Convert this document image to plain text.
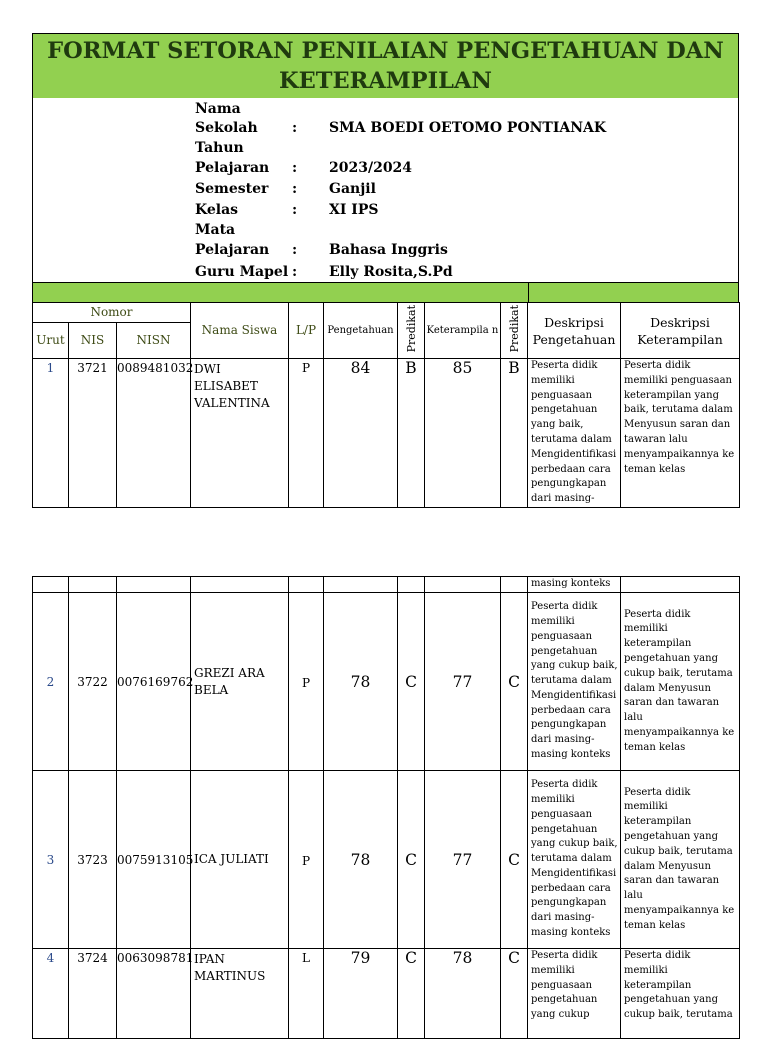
FORMAT SETORAN PENILAIAN PENGETAHUAN DAN KETERAMPILAN
Nama
Sekolah : SMA BOEDI OETOMO PONTIANAK
Tahun
Pelajaran : 2023/2024
Semester : Ganjil
Kelas	: XI IPS
Mata
Pelajaran : Bahasa Inggris
Guru Mapel : Elly Rosita,S.Pd
Nomor			Nama Siswa	L/P	Pengetahuan	Predikat	Keterampila n	Predikat	Deskripsi Pengetahuan	Deskripsi Keterampilan
Urut	NIS	NISN								
1	3721	0089481032	DWI ELISABET VALENTINA	P	84	B	85	B	Peserta didik memiliki penguasaan pengetahuan yang baik, terutama dalam Mengidentifikasi perbedaan cara pengungkapan dari masing-	Peserta didik memiliki penguasaan keterampilan yang baik, terutama dalam Menyusun saran dan tawaran lalu menyampaikannya ke teman kelas
									masing konteks	
2	3722	0076169762	GREZI ARA BELA	P	78	C	77	C	Peserta didik memiliki penguasaan pengetahuan yang cukup baik, terutama dalam Mengidentifikasi perbedaan cara pengungkapan dari masing-masing konteks	Peserta didik memiliki keterampilan pengetahuan yang cukup baik, terutama dalam Menyusun saran dan tawaran lalu menyampaikannya ke teman kelas
3	3723	0075913105	ICA JULIATI	P	78	C	77	C	Peserta didik memiliki penguasaan pengetahuan yang cukup baik, terutama dalam Mengidentifikasi perbedaan cara pengungkapan dari masing-masing konteks	Peserta didik memiliki keterampilan pengetahuan yang cukup baik, terutama dalam Menyusun saran dan tawaran lalu menyampaikannya ke teman kelas
4	3724	0063098781	IPAN MARTINUS	L	79	C	78	C	Peserta didik memiliki penguasaan pengetahuan yang cukup	Peserta didik memiliki keterampilan pengetahuan yang cukup baik, terutama
